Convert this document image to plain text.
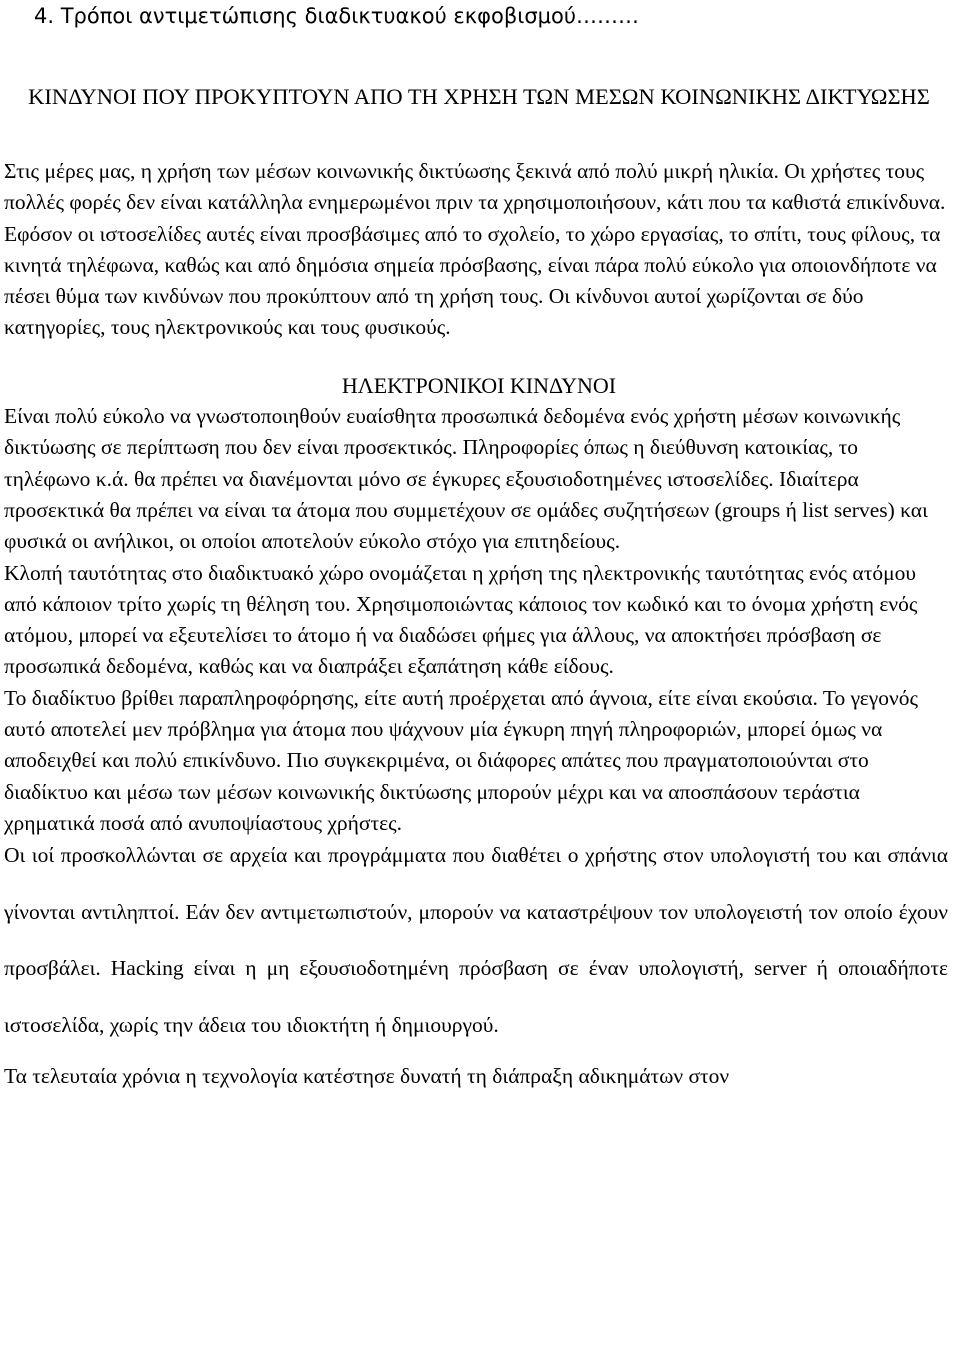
4. Τρόποι αντιμετώπισης διαδικτυακού εκφοβισμού………
ΚΙΝΔΥΝΟΙ ΠΟΥ ΠΡΟΚΥΠΤΟΥΝ ΑΠΟ ΤΗ ΧΡΗΣΗ ΤΩΝ ΜΕΣΩΝ ΚΟΙΝΩΝΙΚΗΣ ΔΙΚΤΥΩΣΗΣ

Στις μέρες μας, η χρήση των μέσων κοινωνικής δικτύωσης ξεκινά από πολύ μικρή ηλικία. Οι χρήστες τους πολλές φορές δεν είναι κατάλληλα ενημερωμένοι πριν τα χρησιμοποιήσουν, κάτι που τα καθιστά επικίνδυνα. Εφόσον οι ιστοσελίδες αυτές είναι προσβάσιμες από το σχολείο, το χώρο εργασίας, το σπίτι, τους φίλους, τα κινητά τηλέφωνα, καθώς και από δημόσια σημεία πρόσβασης, είναι πάρα πολύ εύκολο για οποιονδήποτε να πέσει θύμα των κινδύνων που προκύπτουν από τη χρήση τους. Οι κίνδυνοι αυτοί χωρίζονται σε δύο κατηγορίες, τους ηλεκτρονικούς και τους φυσικούς.

ΗΛΕΚΤΡΟΝΙΚΟΙ ΚΙΝΔΥΝΟΙ

Είναι πολύ εύκολο να γνωστοποιηθούν ευαίσθητα προσωπικά δεδομένα ενός χρήστη μέσων κοινωνικής δικτύωσης σε περίπτωση που δεν είναι προσεκτικός. Πληροφορίες όπως η διεύθυνση κατοικίας, το τηλέφωνο κ.ά. θα πρέπει να διανέμονται μόνο σε έγκυρες εξουσιοδοτημένες ιστοσελίδες. Ιδιαίτερα προσεκτικά θα πρέπει να είναι τα άτομα που συμμετέχουν σε ομάδες συζητήσεων (groups ή list serves) και φυσικά οι ανήλικοι, οι οποίοι αποτελούν εύκολο στόχο για επιτηδείους.

Κλοπή ταυτότητας στο διαδικτυακό χώρο ονομάζεται η χρήση της ηλεκτρονικής ταυτότητας ενός ατόμου από κάποιον τρίτο χωρίς τη θέληση του. Χρησιμοποιώντας κάποιος τον κωδικό και το όνομα χρήστη ενός ατόμου, μπορεί να εξευτελίσει το άτομο ή να διαδώσει φήμες για άλλους, να αποκτήσει πρόσβαση σε προσωπικά δεδομένα, καθώς και να διαπράξει εξαπάτηση κάθε είδους.

Το διαδίκτυο βρίθει παραπληροφόρησης, είτε αυτή προέρχεται από άγνοια, είτε είναι εκούσια. Το γεγονός αυτό αποτελεί μεν πρόβλημα για άτομα που ψάχνουν μία έγκυρη πηγή πληροφοριών, μπορεί όμως να αποδειχθεί και πολύ επικίνδυνο. Πιο συγκεκριμένα, οι διάφορες απάτες που πραγματοποιούνται στο διαδίκτυο και μέσω των μέσων κοινωνικής δικτύωσης μπορούν μέχρι και να αποσπάσουν τεράστια χρηματικά ποσά από ανυποψίαστους χρήστες.

Οι ιοί προσκολλώνται σε αρχεία και προγράμματα που διαθέτει ο χρήστης στον υπολογιστή του και σπάνια γίνονται αντιληπτοί. Εάν δεν αντιμετωπιστούν, μπορούν να καταστρέψουν τον υπολογειστή τον οποίο έχουν προσβάλει. Hacking είναι η μη εξουσιοδοτημένη πρόσβαση σε έναν υπολογιστή, server ή οποιαδήποτε ιστοσελίδα, χωρίς την άδεια του ιδιοκτήτη ή δημιουργού.

Τα τελευταία χρόνια η τεχνολογία κατέστησε δυνατή τη διάπραξη αδικημάτων στον
